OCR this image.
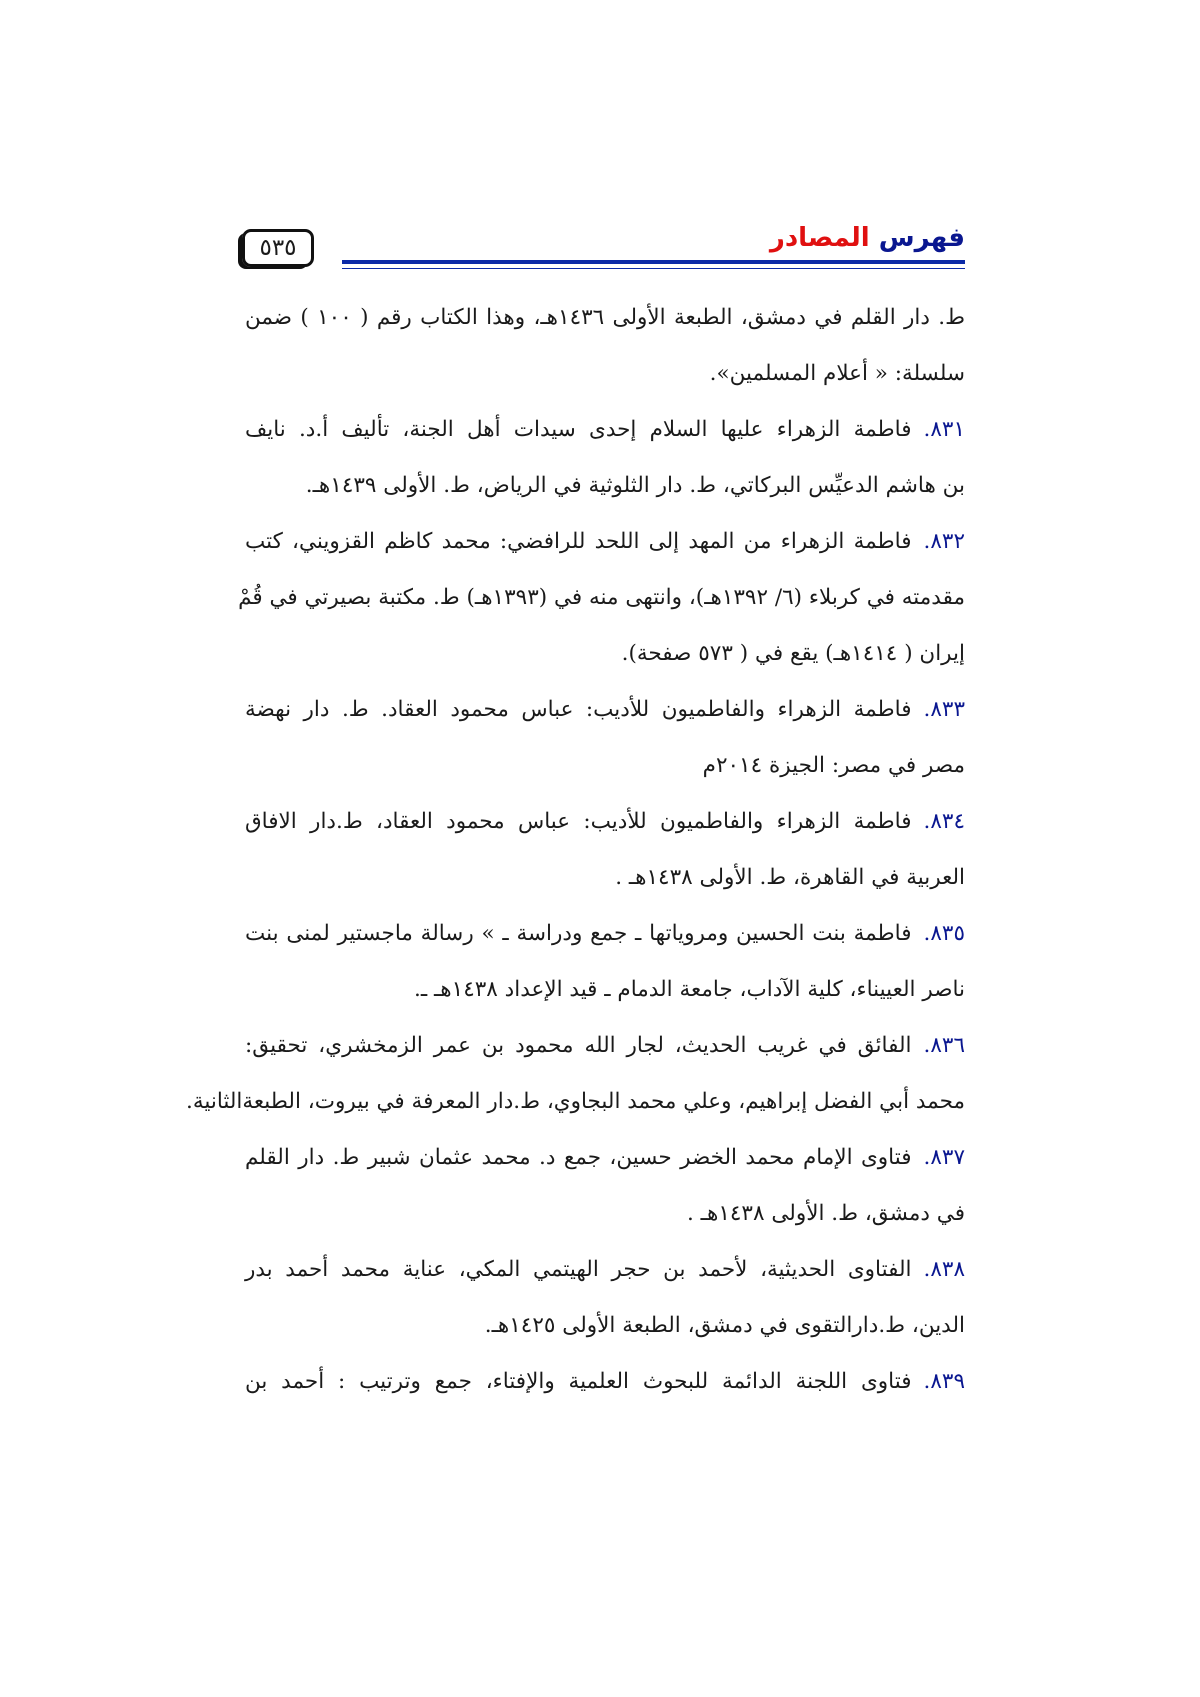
٥٣٥	فهرس المصادر
ط. دار القلم في دمشق، الطبعة الأولى ١٤٣٦هـ، وهذا الكتاب رقم ( ١٠٠ ) ضمن
سلسلة: « أعلام المسلمين».
٨٣١.فاطمة الزهراء عليها السلام إحدى سيدات أهل الجنة، تأليف أ.د. نايف
بن هاشم الدعيِّس البركاتي، ط. دار الثلوثية في الرياض، ط. الأولى ١٤٣٩هـ.
٨٣٢.فاطمة الزهراء من المهد إلى اللحد للرافضي: محمد كاظم القزويني، كتب
مقدمته في كربلاء (٦/ ١٣٩٢هـ)، وانتهى منه في (١٣٩٣هـ) ط. مكتبة بصيرتي في قُمْ
إيران ( ١٤١٤هـ) يقع في ( ٥٧٣ صفحة).
٨٣٣.فاطمة الزهراء والفاطميون للأديب: عباس محمود العقاد. ط. دار نهضة
مصر في مصر: الجيزة ٢٠١٤م
٨٣٤.فاطمة الزهراء والفاطميون للأديب: عباس محمود العقاد، ط.دار الافاق
العربية في القاهرة، ط. الأولى ١٤٣٨هـ .
٨٣٥.فاطمة بنت الحسين ومروياتها ـ جمع ودراسة ـ » رسالة ماجستير لمنى بنت
ناصر العييناء، كلية الآداب، جامعة الدمام ـ قيد الإعداد ١٤٣٨هـ ـ.
٨٣٦.الفائق في غريب الحديث، لجار الله محمود بن عمر الزمخشري، تحقيق:
محمد أبي الفضل إبراهيم، وعلي محمد البجاوي، ط.دار المعرفة في بيروت، الطبعةالثانية.
٨٣٧.فتاوى الإمام محمد الخضر حسين، جمع د. محمد عثمان شبير ط. دار القلم
في دمشق، ط. الأولى ١٤٣٨هـ .
٨٣٨.الفتاوى الحديثية، لأحمد بن حجر الهيتمي المكي، عناية محمد أحمد بدر
الدين، ط.دارالتقوى في دمشق، الطبعة الأولى ١٤٢٥هـ.
٨٣٩.فتاوى اللجنة الدائمة للبحوث العلمية والإفتاء، جمع وترتيب : أحمد بن
